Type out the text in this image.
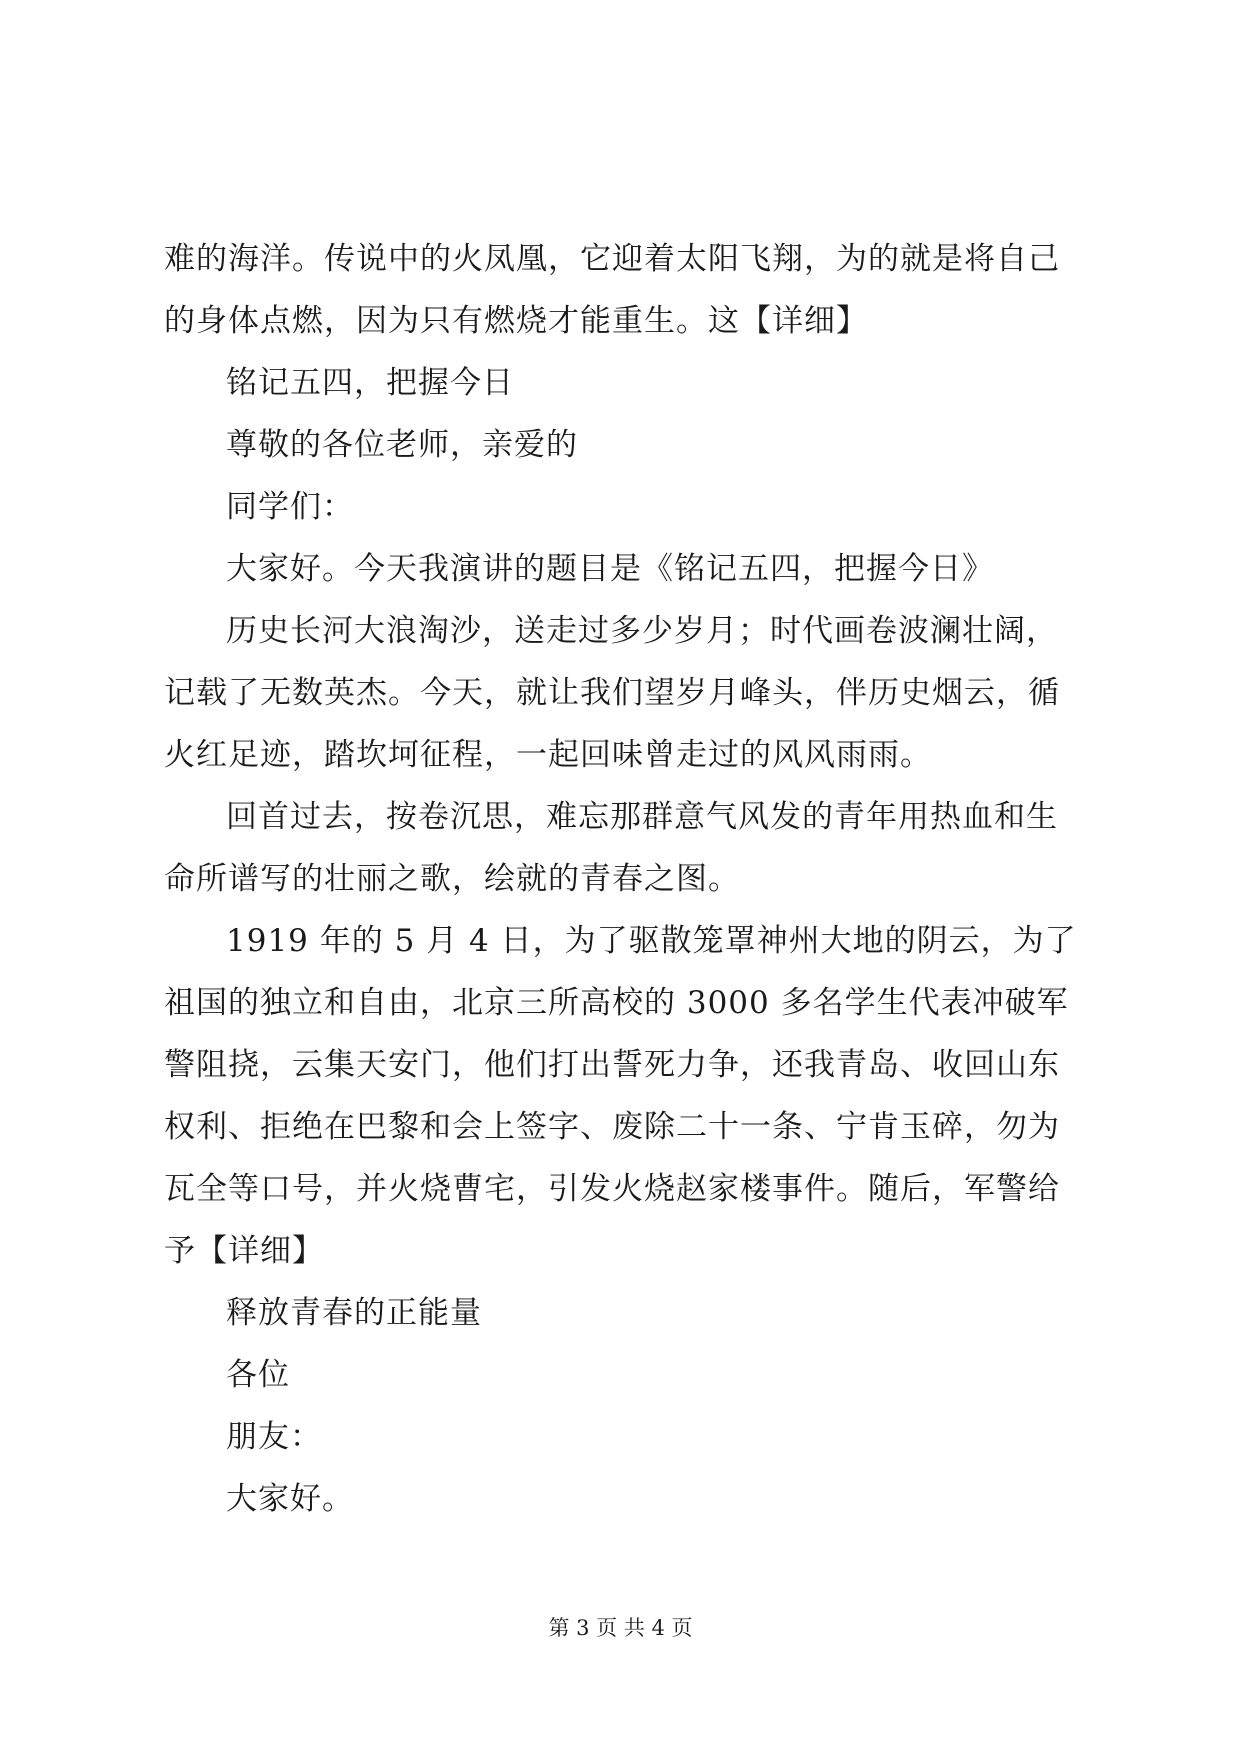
难的海洋。传说中的火凤凰，它迎着太阳飞翔，为的就是将自己

的身体点燃，因为只有燃烧才能重生。这【详细】

铭记五四，把握今日

尊敬的各位老师，亲爱的

同学们：

大家好。今天我演讲的题目是《铭记五四，把握今日》

历史长河大浪淘沙，送走过多少岁月；时代画卷波澜壮阔，

记载了无数英杰。今天，就让我们望岁月峰头，伴历史烟云，循

火红足迹，踏坎坷征程，一起回味曾走过的风风雨雨。

回首过去，按卷沉思，难忘那群意气风发的青年用热血和生

命所谱写的壮丽之歌，绘就的青春之图。

1919 年的 5 月 4 日，为了驱散笼罩神州大地的阴云，为了

祖国的独立和自由，北京三所高校的 3000 多名学生代表冲破军

警阻挠，云集天安门，他们打出誓死力争，还我青岛、收回山东

权利、拒绝在巴黎和会上签字、废除二十一条、宁肯玉碎，勿为

瓦全等口号，并火烧曹宅，引发火烧赵家楼事件。随后，军警给

予【详细】

释放青春的正能量

各位

朋友：

大家好。

第 3 页 共 4 页
